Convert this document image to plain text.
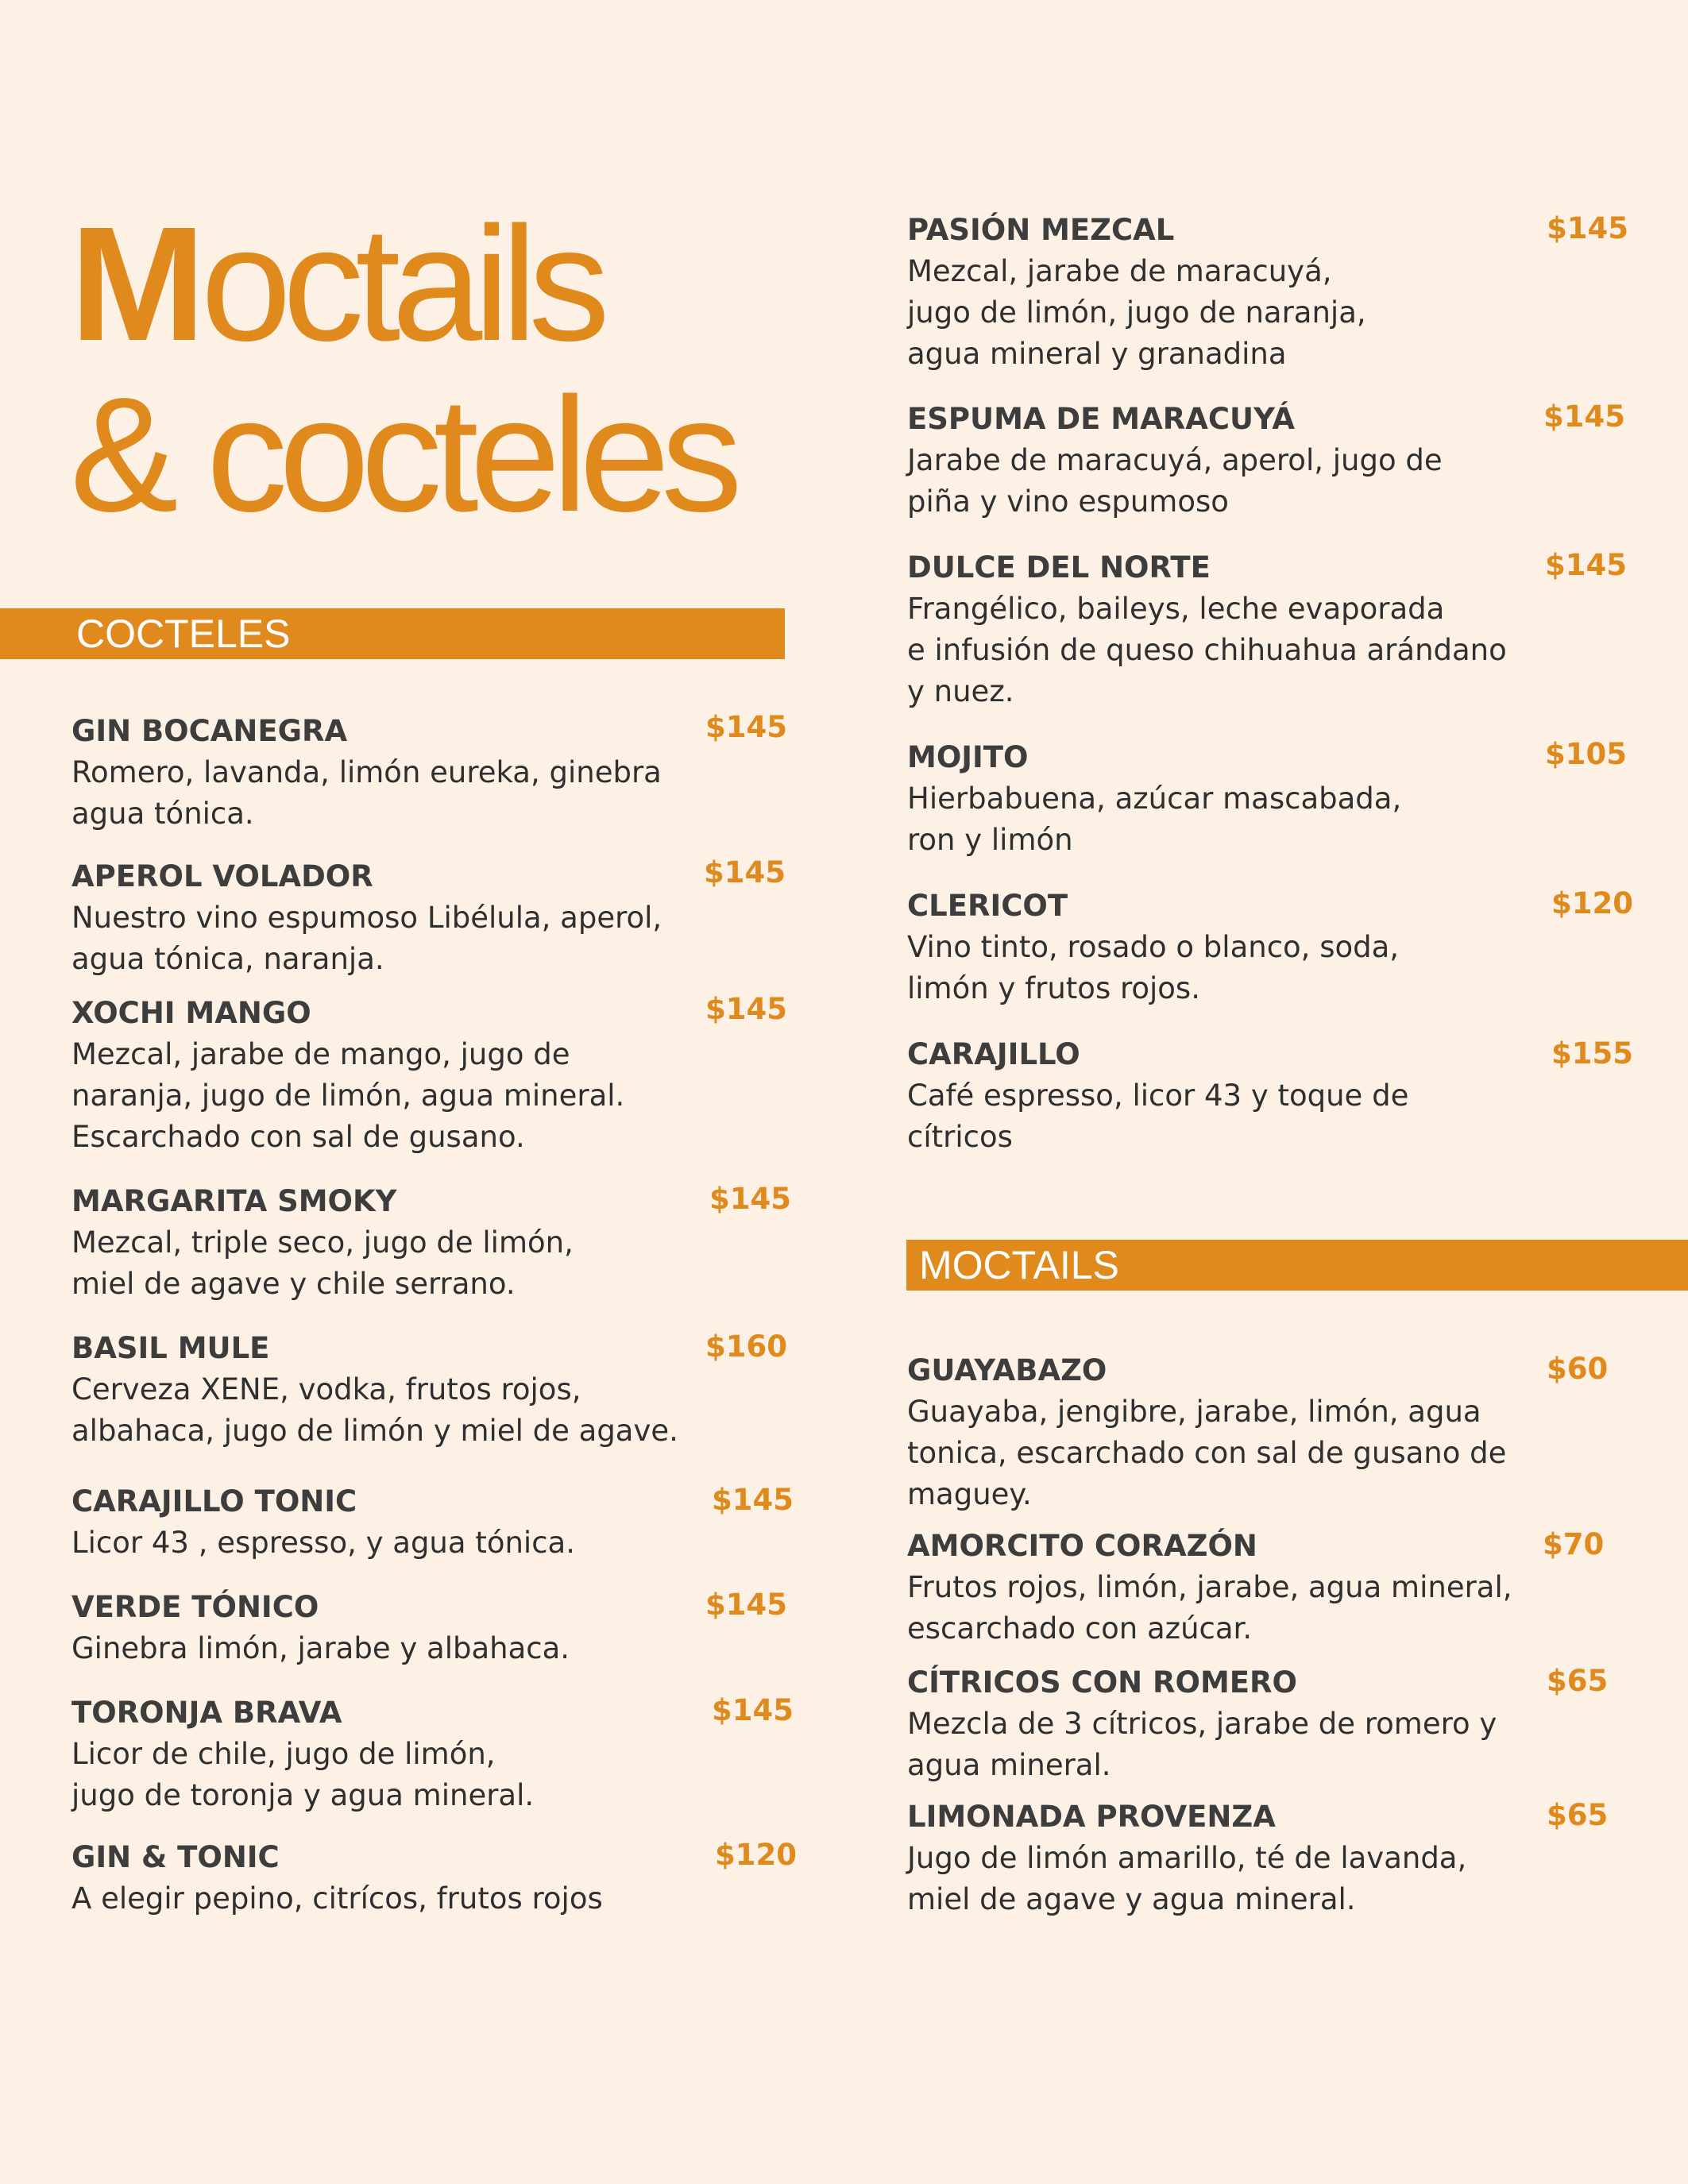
Moctails
& cocteles
COCTELES
MOCTAILS
GIN BOCANEGRA	$145
Romero, lavanda, limón eureka, ginebra
agua tónica.
APEROL VOLADOR	$145
Nuestro vino espumoso Libélula, aperol,
agua tónica, naranja.
XOCHI MANGO	$145
Mezcal, jarabe de mango, jugo de
naranja, jugo de limón, agua mineral.
Escarchado con sal de gusano.
MARGARITA SMOKY	$145
Mezcal, triple seco, jugo de limón,
miel de agave y chile serrano.
BASIL MULE	$160
Cerveza XENE, vodka, frutos rojos,
albahaca, jugo de limón y miel de agave.
CARAJILLO TONIC	$145
Licor 43 , espresso, y agua tónica.
VERDE TÓNICO	$145
Ginebra limón, jarabe y albahaca.
TORONJA BRAVA	$145
Licor de chile, jugo de limón,
jugo de toronja y agua mineral.
GIN & TONIC	$120
A elegir pepino, citrícos, frutos rojos
PASIÓN MEZCAL	$145
Mezcal, jarabe de maracuyá,
jugo de limón, jugo de naranja,
agua mineral y granadina
ESPUMA DE MARACUYÁ	$145
Jarabe de maracuyá, aperol, jugo de
piña y vino espumoso
DULCE DEL NORTE	$145
Frangélico, baileys, leche evaporada
e infusión de queso chihuahua arándano
y nuez.
MOJITO	$105
Hierbabuena, azúcar mascabada,
ron y limón
CLERICOT	$120
Vino tinto, rosado o blanco, soda,
limón y frutos rojos.
CARAJILLO	$155
Café espresso, licor 43 y toque de
cítricos
GUAYABAZO	$60
Guayaba, jengibre, jarabe, limón, agua
tonica, escarchado con sal de gusano de
maguey.
AMORCITO CORAZÓN	$70
Frutos rojos, limón, jarabe, agua mineral,
escarchado con azúcar.
CÍTRICOS CON ROMERO	$65
Mezcla de 3 cítricos, jarabe de romero y
agua mineral.
LIMONADA PROVENZA	$65
Jugo de limón amarillo, té de lavanda,
miel de agave y agua mineral.
